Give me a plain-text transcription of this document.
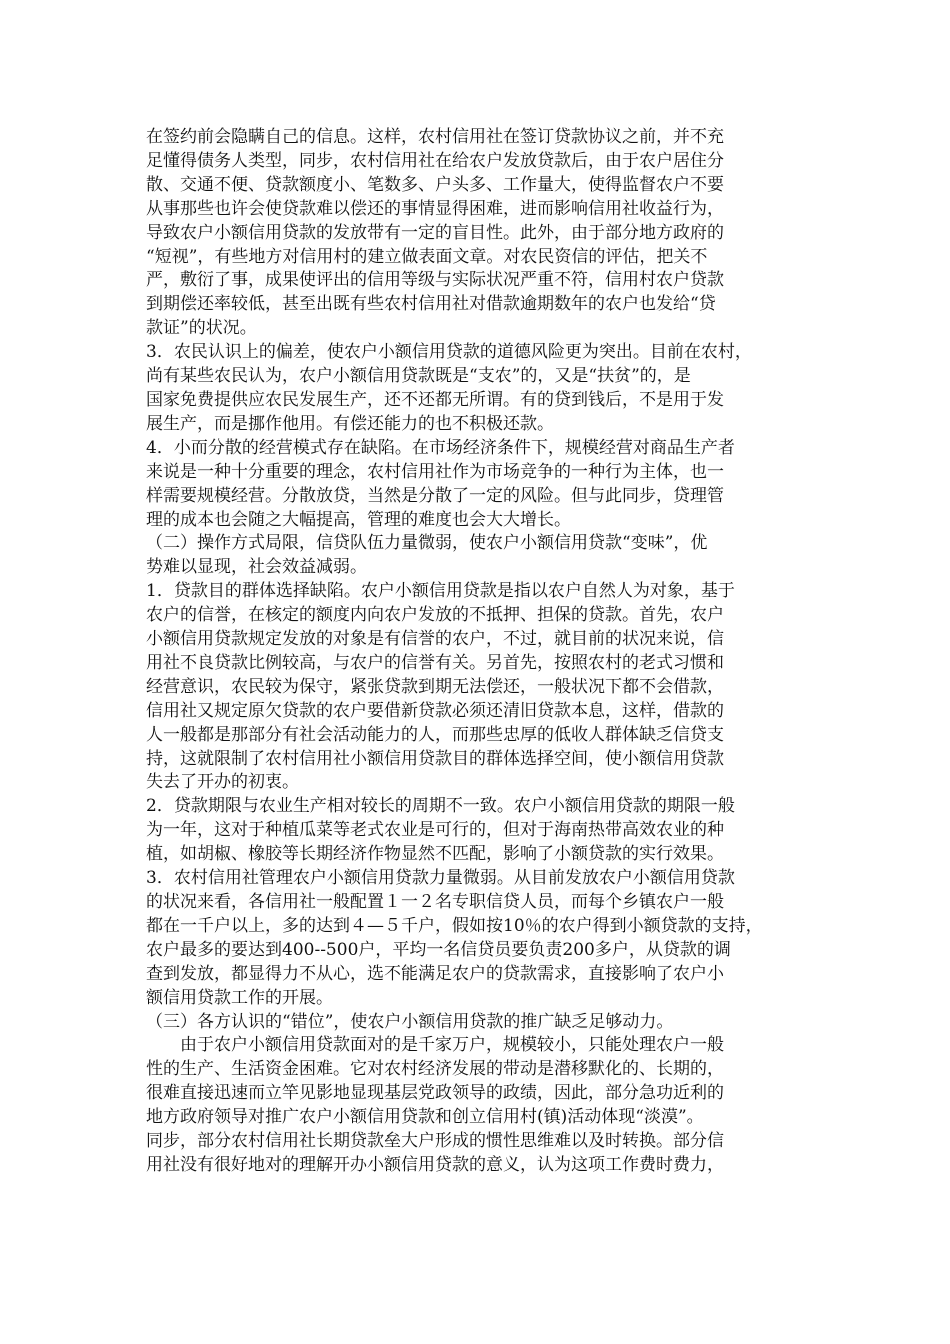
在签约前会隐瞒自己的信息。这样，农村信用社在签订贷款协议之前，并不充
足懂得债务人类型，同步，农村信用社在给农户发放贷款后，由于农户居住分
散、交通不便、贷款额度小、笔数多、户头多、工作量大，使得监督农户不要
从事那些也许会使贷款难以偿还的事情显得困难，进而影响信用社收益行为，
导致农户小额信用贷款的发放带有一定的盲目性。此外，由于部分地方政府的
“短视”，有些地方对信用村的建立做表面文章。对农民资信的评估，把关不
严，敷衍了事，成果使评出的信用等级与实际状况严重不符，信用村农户贷款
到期偿还率较低，甚至出既有些农村信用社对借款逾期数年的农户也发给“贷
款证”的状况。
3．农民认识上的偏差，使农户小额信用贷款的道德风险更为突出。目前在农村，
尚有某些农民认为，农户小额信用贷款既是“支农”的，又是“扶贫”的，是
国家免费提供应农民发展生产，还不还都无所谓。有的贷到钱后，不是用于发
展生产，而是挪作他用。有偿还能力的也不积极还款。
4．小而分散的经营模式存在缺陷。在市场经济条件下，规模经营对商品生产者
来说是一种十分重要的理念，农村信用社作为市场竞争的一种行为主体，也一
样需要规模经营。分散放贷，当然是分散了一定的风险。但与此同步，贷理管
理的成本也会随之大幅提高，管理的难度也会大大增长。
（二）操作方式局限，信贷队伍力量微弱，使农户小额信用贷款“变味”，优
势难以显现，社会效益减弱。
1．贷款目的群体选择缺陷。农户小额信用贷款是指以农户自然人为对象，基于
农户的信誉，在核定的额度内向农户发放的不抵押、担保的贷款。首先，农户
小额信用贷款规定发放的对象是有信誉的农户，不过，就目前的状况来说，信
用社不良贷款比例较高，与农户的信誉有关。另首先，按照农村的老式习惯和
经营意识，农民较为保守，紧张贷款到期无法偿还，一般状况下都不会借款，
信用社又规定原欠贷款的农户要借新贷款必须还清旧贷款本息，这样，借款的
人一般都是那部分有社会活动能力的人，而那些忠厚的低收人群体缺乏信贷支
持，这就限制了农村信用社小额信用贷款目的群体选择空间，使小额信用贷款
失去了开办的初衷。
2．贷款期限与农业生产相对较长的周期不一致。农户小额信用贷款的期限一般
为一年，这对于种植瓜菜等老式农业是可行的，但对于海南热带高效农业的种
植，如胡椒、橡胶等长期经济作物显然不匹配，影响了小额贷款的实行效果。
3．农村信用社管理农户小额信用贷款力量微弱。从目前发放农户小额信用贷款
的状况来看，各信用社一般配置１一２名专职信贷人员，而每个乡镇农户一般
都在一千户以上，多的达到４—５千户，假如按10％的农户得到小额贷款的支持，
农户最多的要达到400--500户，平均一名信贷员要负责200多户，从贷款的调
查到发放，都显得力不从心，选不能满足农户的贷款需求，直接影响了农户小
额信用贷款工作的开展。
（三）各方认识的“错位”，使农户小额信用贷款的推广缺乏足够动力。
　　由于农户小额信用贷款面对的是千家万户，规模较小，只能处理农户一般
性的生产、生活资金困难。它对农村经济发展的带动是潜移默化的、长期的，
很难直接迅速而立竿见影地显现基层党政领导的政绩，因此，部分急功近利的
地方政府领导对推广农户小额信用贷款和创立信用村(镇)活动体现“淡漠”。
同步，部分农村信用社长期贷款垒大户形成的惯性思维难以及时转换。部分信
用社没有很好地对的理解开办小额信用贷款的意义，认为这项工作费时费力，
